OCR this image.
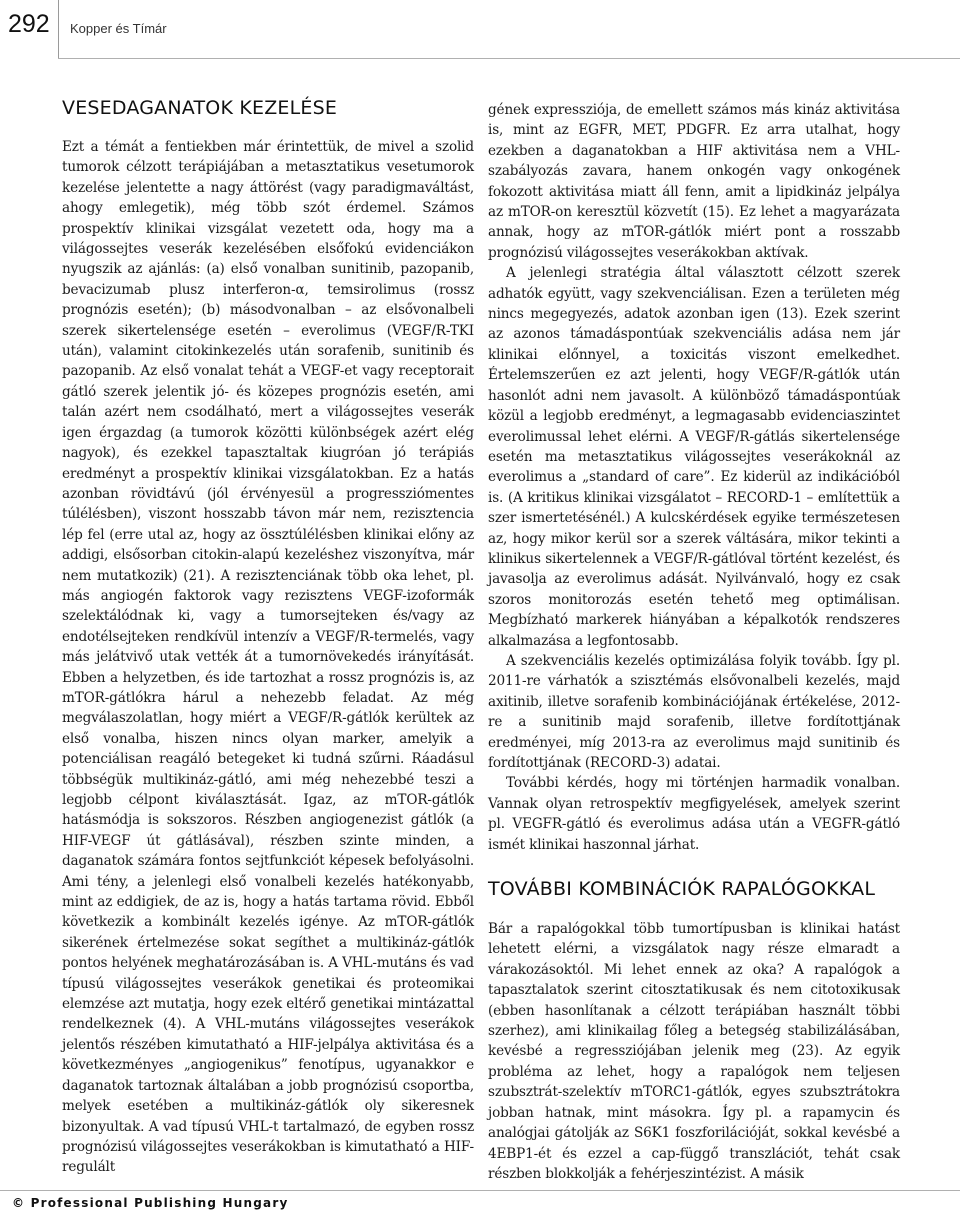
292 Kopper és Tímár
VESEDAGANATOK KEZELÉSE

Ezt a témát a fentiekben már érintettük, de mivel a szolid tumorok célzott terápiájában a metasztatikus vesetumorok kezelése jelentette a nagy áttörést (vagy paradigmaváltást, ahogy emlegetik), még több szót érdemel. Számos prospektív klinikai vizsgálat vezetett oda, hogy ma a világossejtes veserák kezelésében elsőfokú evidenciákon nyugszik az ajánlás: (a) első vonalban sunitinib, pazopanib, bevacizumab plusz interferon-α, temsirolimus (rossz prognózis esetén); (b) másodvonalban – az elsővonalbeli szerek sikertelensége esetén – everolimus (VEGF/R-TKI után), valamint citokinkezelés után sorafenib, sunitinib és pazopanib. Az első vonalat tehát a VEGF-et vagy receptorait gátló szerek jelentik jó- és közepes prognózis esetén, ami talán azért nem csodálható, mert a világossejtes veserák igen érgazdag (a tumorok közötti különbségek azért elég nagyok), és ezekkel tapasztaltak kiugróan jó terápiás eredményt a prospektív klinikai vizsgálatokban. Ez a hatás azonban rövidtávú (jól érvényesül a progressziómentes túlélésben), viszont hosszabb távon már nem, rezisztencia lép fel (erre utal az, hogy az össztúlélésben klinikai előny az addigi, elsősorban citokin-alapú kezeléshez viszonyítva, már nem mutatkozik) (21). A rezisztenciának több oka lehet, pl. más angiogén faktorok vagy rezisztens VEGF-izoformák szelektálódnak ki, vagy a tumorsejteken és/vagy az endotélsejteken rendkívül intenzív a VEGF/R-termelés, vagy más jelátvivő utak vették át a tumornövekedés irányítását. Ebben a helyzetben, és ide tartozhat a rossz prognózis is, az mTOR-gátlókra hárul a nehezebb feladat. Az még megválaszolatlan, hogy miért a VEGF/R-gátlók kerültek az első vonalba, hiszen nincs olyan marker, amelyik a potenciálisan reagáló betegeket ki tudná szűrni. Ráadásul többségük multikináz-gátló, ami még nehezebbé teszi a legjobb célpont kiválasztását. Igaz, az mTOR-gátlók hatásmódja is sokszoros. Részben angiogenezist gátlók (a HIF-VEGF út gátlásával), részben szinte minden, a daganatok számára fontos sejtfunkciót képesek befolyásolni. Ami tény, a jelenlegi első vonalbeli kezelés hatékonyabb, mint az eddigiek, de az is, hogy a hatás tartama rövid. Ebből következik a kombinált kezelés igénye. Az mTOR-gátlók sikerének értelmezése sokat segíthet a multikináz-gátlók pontos helyének meghatározásában is. A VHL-mutáns és vad típusú világossejtes veserákok genetikai és proteomikai elemzése azt mutatja, hogy ezek eltérő genetikai mintázattal rendelkeznek (4). A VHL-mutáns világossejtes veserákok jelentős részében kimutatható a HIF-jelpálya aktivitása és a következményes „angiogenikus” fenotípus, ugyanakkor e daganatok tartoznak általában a jobb prognózisú csoportba, melyek esetében a multikináz-gátlók oly sikeresnek bizonyultak. A vad típusú VHL-t tartalmazó, de egyben rossz prognózisú világossejtes veserákokban is kimutatható a HIF-regulált

gének expressziója, de emellett számos más kináz aktivitása is, mint az EGFR, MET, PDGFR. Ez arra utalhat, hogy ezekben a daganatokban a HIF aktivitása nem a VHL-szabályozás zavara, hanem onkogén vagy onkogének fokozott aktivitása miatt áll fenn, amit a lipidkináz jelpálya az mTOR-on keresztül közvetít (15). Ez lehet a magyarázata annak, hogy az mTOR-gátlók miért pont a rosszabb prognózisú világossejtes veserákokban aktívak.

A jelenlegi stratégia által választott célzott szerek adhatók együtt, vagy szekvenciálisan. Ezen a területen még nincs megegyezés, adatok azonban igen (13). Ezek szerint az azonos támadáspontúak szekvenciális adása nem jár klinikai előnnyel, a toxicitás viszont emelkedhet. Értelemszerűen ez azt jelenti, hogy VEGF/R-gátlók után hasonlót adni nem javasolt. A különböző támadáspontúak közül a legjobb eredményt, a legmagasabb evidenciaszintet everolimussal lehet elérni. A VEGF/R-gátlás sikertelensége esetén ma metasztatikus világossejtes veserákoknál az everolimus a „standard of care”. Ez kiderül az indikációból is. (A kritikus klinikai vizsgálatot – RECORD-1 – említettük a szer ismertetésénél.) A kulcskérdések egyike természetesen az, hogy mikor kerül sor a szerek váltására, mikor tekinti a klinikus sikertelennek a VEGF/R-gátlóval történt kezelést, és javasolja az everolimus adását. Nyilvánvaló, hogy ez csak szoros monitorozás esetén tehető meg optimálisan. Megbízható markerek hiányában a képalkotók rendszeres alkalmazása a legfontosabb.

A szekvenciális kezelés optimizálása folyik tovább. Így pl. 2011-re várhatók a szisztémás elsővonalbeli kezelés, majd axitinib, illetve sorafenib kombinációjának értékelése, 2012-re a sunitinib majd sorafenib, illetve fordítottjának eredményei, míg 2013-ra az everolimus majd sunitinib és fordítottjának (RECORD-3) adatai.

További kérdés, hogy mi történjen harmadik vonalban. Vannak olyan retrospektív megfigyelések, amelyek szerint pl. VEGFR-gátló és everolimus adása után a VEGFR-gátló ismét klinikai haszonnal járhat.

TOVÁBBI KOMBINÁCIÓK RAPALÓGOKKAL

Bár a rapalógokkal több tumortípusban is klinikai hatást lehetett elérni, a vizsgálatok nagy része elmaradt a várakozásoktól. Mi lehet ennek az oka? A rapalógok a tapasztalatok szerint citosztatikusak és nem citotoxikusak (ebben hasonlítanak a célzott terápiában használt többi szerhez), ami klinikailag főleg a betegség stabilizálásában, kevésbé a regressziójában jelenik meg (23). Az egyik probléma az lehet, hogy a rapalógok nem teljesen szubsztrát-szelektív mTORC1-gátlók, egyes szubsztrátokra jobban hatnak, mint másokra. Így pl. a rapamycin és analógjai gátolják az S6K1 foszforilációját, sokkal kevésbé a 4EBP1-ét és ezzel a cap-függő transzlációt, tehát csak részben blokkolják a fehérjeszintézist. A másik

© Professional Publishing Hungary
